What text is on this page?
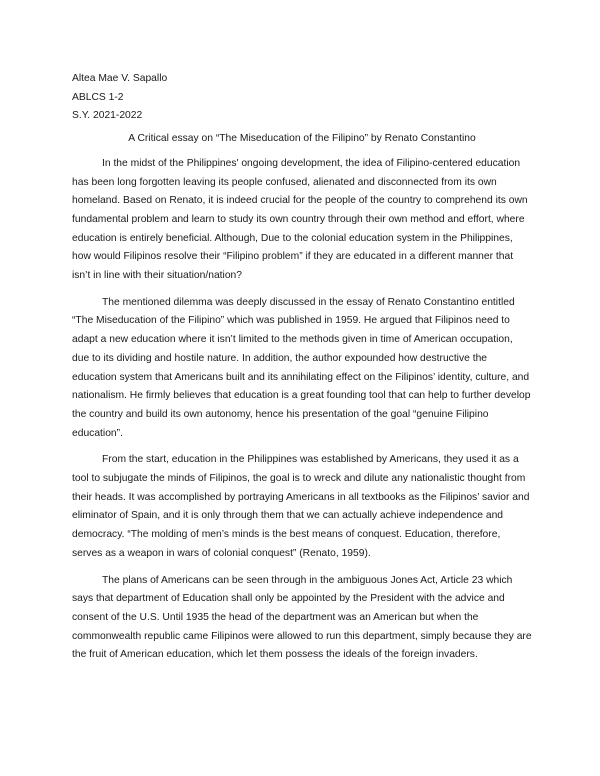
Altea Mae V. Sapallo

ABLCS 1-2

S.Y. 2021-2022

A Critical essay on “The Miseducation of the Filipino” by Renato Constantino

In the midst of the Philippines' ongoing development, the idea of Filipino-centered education has been long forgotten leaving its people confused, alienated and disconnected from its own homeland. Based on Renato, it is indeed crucial for the people of the country to comprehend its own fundamental problem and learn to study its own country through their own method and effort, where education is entirely beneficial. Although, Due to the colonial education system in the Philippines, how would Filipinos resolve their “Filipino problem” if they are educated in a different manner that isn’t in line with their situation/nation?

The mentioned dilemma was deeply discussed in the essay of Renato Constantino entitled “The Miseducation of the Filipino” which was published in 1959. He argued that Filipinos need to adapt a new education where it isn’t limited to the methods given in time of American occupation, due to its dividing and hostile nature. In addition, the author expounded how destructive the education system that Americans built and its annihilating effect on the Filipinos’ identity, culture, and nationalism. He firmly believes that education is a great founding tool that can help to further develop the country and build its own autonomy, hence his presentation of the goal “genuine Filipino education”.

From the start, education in the Philippines was established by Americans, they used it as a tool to subjugate the minds of Filipinos, the goal is to wreck and dilute any nationalistic thought from their heads. It was accomplished by portraying Americans in all textbooks as the Filipinos’ savior and eliminator of Spain, and it is only through them that we can actually achieve independence and democracy. “The molding of men’s minds is the best means of conquest. Education, therefore, serves as a weapon in wars of colonial conquest” (Renato, 1959).

The plans of Americans can be seen through in the ambiguous Jones Act, Article 23 which says that department of Education shall only be appointed by the President with the advice and consent of the U.S. Until 1935 the head of the department was an American but when the commonwealth republic came Filipinos were allowed to run this department, simply because they are the fruit of American education, which let them possess the ideals of the foreign invaders.
